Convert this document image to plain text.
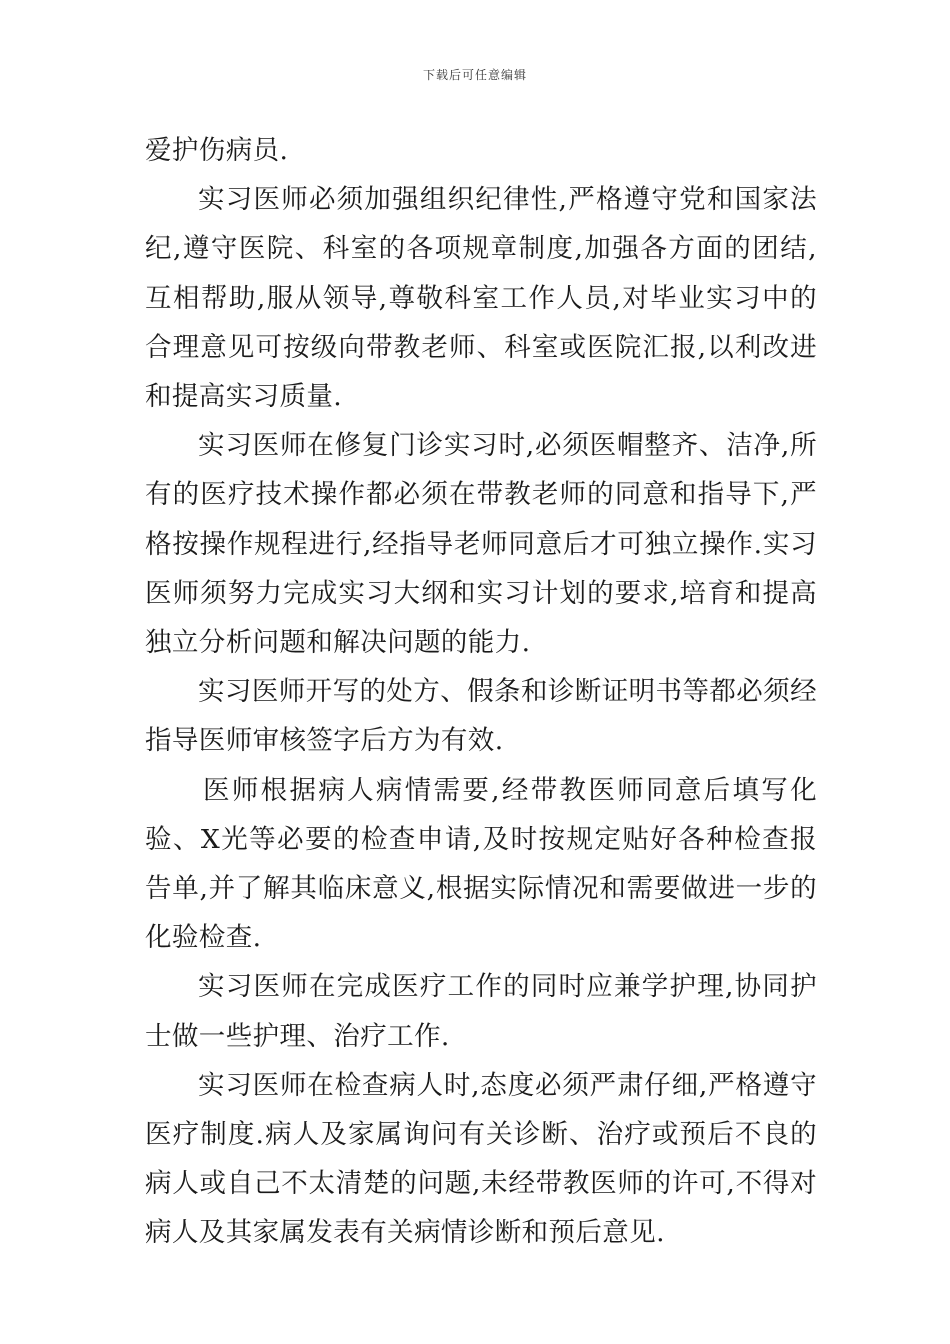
下载后可任意编辑

爱护伤病员.

实习医师必须加强组织纪律性,严格遵守党和国家法纪,遵守医院、科室的各项规章制度,加强各方面的团结,互相帮助,服从领导,尊敬科室工作人员,对毕业实习中的合理意见可按级向带教老师、科室或医院汇报,以利改进和提高实习质量.

实习医师在修复门诊实习时,必须医帽整齐、洁净,所有的医疗技术操作都必须在带教老师的同意和指导下,严格按操作规程进行,经指导老师同意后才可独立操作.实习医师须努力完成实习大纲和实习计划的要求,培育和提高独立分析问题和解决问题的能力.

实习医师开写的处方、假条和诊断证明书等都必须经指导医师审核签字后方为有效.

医师根据病人病情需要,经带教医师同意后填写化验、X光等必要的检查申请,及时按规定贴好各种检查报告单,并了解其临床意义,根据实际情况和需要做进一步的化验检查.

实习医师在完成医疗工作的同时应兼学护理,协同护士做一些护理、治疗工作.

实习医师在检查病人时,态度必须严肃仔细,严格遵守医疗制度.病人及家属询问有关诊断、治疗或预后不良的病人或自己不太清楚的问题,未经带教医师的许可,不得对病人及其家属发表有关病情诊断和预后意见.
